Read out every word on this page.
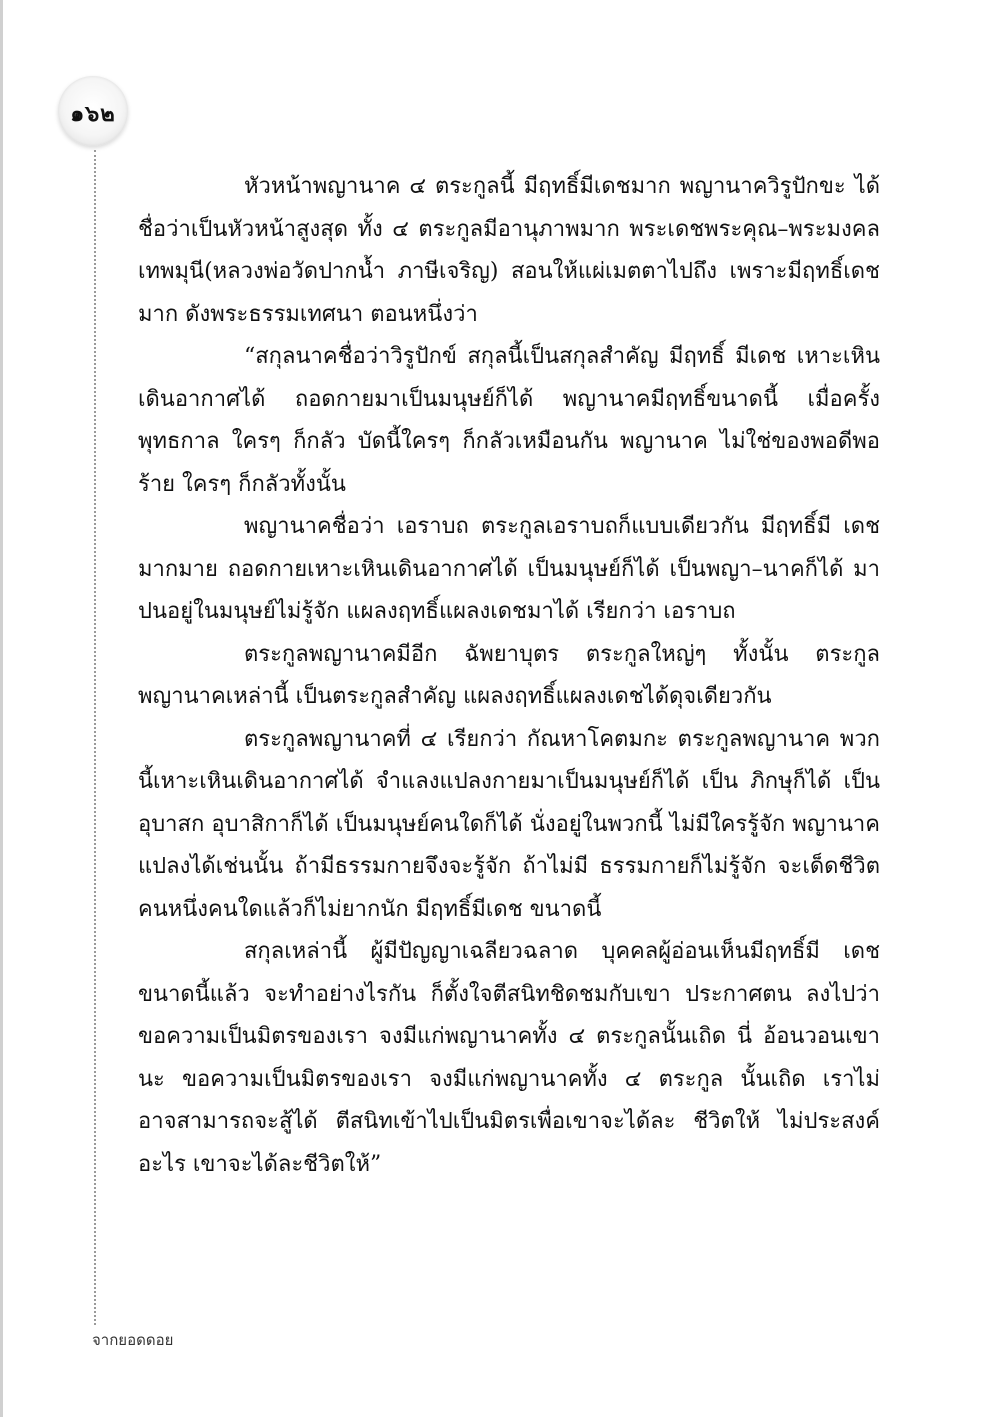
๑๖๒

หัวหน้าพญานาค ๔ ตระกูลนี้ มีฤทธิ์มีเดชมาก พญานาควิรูปักขะ ได้ชื่อว่าเป็นหัวหน้าสูงสุด ทั้ง ๔ ตระกูลมีอานุภาพมาก พระเดชพระคุณ–พระมงคลเทพมุนี(หลวงพ่อวัดปากน้ำ ภาษีเจริญ) สอนให้แผ่เมตตาไปถึง เพราะมีฤทธิ์เดชมาก ดังพระธรรมเทศนา ตอนหนึ่งว่า

“สกุลนาคชื่อว่าวิรูปักข์ สกุลนี้เป็นสกุลสำคัญ มีฤทธิ์ มีเดช เหาะเหินเดินอากาศได้ ถอดกายมาเป็นมนุษย์ก็ได้ พญานาคมีฤทธิ์ขนาดนี้ เมื่อครั้งพุทธกาล ใครๆ ก็กลัว บัดนี้ใครๆ ก็กลัวเหมือนกัน พญานาค ไม่ใช่ของพอดีพอร้าย ใครๆ ก็กลัวทั้งนั้น

พญานาคชื่อว่า เอราบถ ตระกูลเอราบถก็แบบเดียวกัน มีฤทธิ์มี เดชมากมาย ถอดกายเหาะเหินเดินอากาศได้ เป็นมนุษย์ก็ได้ เป็นพญา–นาคก็ได้ มาปนอยู่ในมนุษย์ไม่รู้จัก แผลงฤทธิ์แผลงเดชมาได้ เรียกว่า เอราบถ

ตระกูลพญานาคมีอีก ฉัพยาบุตร ตระกูลใหญ่ๆ ทั้งนั้น ตระกูล พญานาคเหล่านี้ เป็นตระกูลสำคัญ แผลงฤทธิ์แผลงเดชได้ดุจเดียวกัน

ตระกูลพญานาคที่ ๔ เรียกว่า กัณหาโคตมกะ ตระกูลพญานาค พวกนี้เหาะเหินเดินอากาศได้ จำแลงแปลงกายมาเป็นมนุษย์ก็ได้ เป็น ภิกษุก็ได้ เป็นอุบาสก อุบาสิกาก็ได้ เป็นมนุษย์คนใดก็ได้ นั่งอยู่ในพวกนี้ ไม่มีใครรู้จัก พญานาคแปลงได้เช่นนั้น ถ้ามีธรรมกายจึงจะรู้จัก ถ้าไม่มี ธรรมกายก็ไม่รู้จัก จะเด็ดชีวิตคนหนึ่งคนใดแล้วก็ไม่ยากนัก มีฤทธิ์มีเดช ขนาดนี้

สกุลเหล่านี้ ผู้มีปัญญาเฉลียวฉลาด บุคคลผู้อ่อนเห็นมีฤทธิ์มี เดชขนาดนี้แล้ว จะทำอย่างไรกัน ก็ตั้งใจตีสนิทชิดชมกับเขา ประกาศตน ลงไปว่า ขอความเป็นมิตรของเรา จงมีแก่พญานาคทั้ง ๔ ตระกูลนั้นเถิด นี่ อ้อนวอนเขานะ ขอความเป็นมิตรของเรา จงมีแก่พญานาคทั้ง ๔ ตระกูล นั้นเถิด เราไม่อาจสามารถจะสู้ได้ ตีสนิทเข้าไปเป็นมิตรเพื่อเขาจะได้ละ ชีวิตให้ ไม่ประสงค์อะไร เขาจะได้ละชีวิตให้”

จากยอดดอย
